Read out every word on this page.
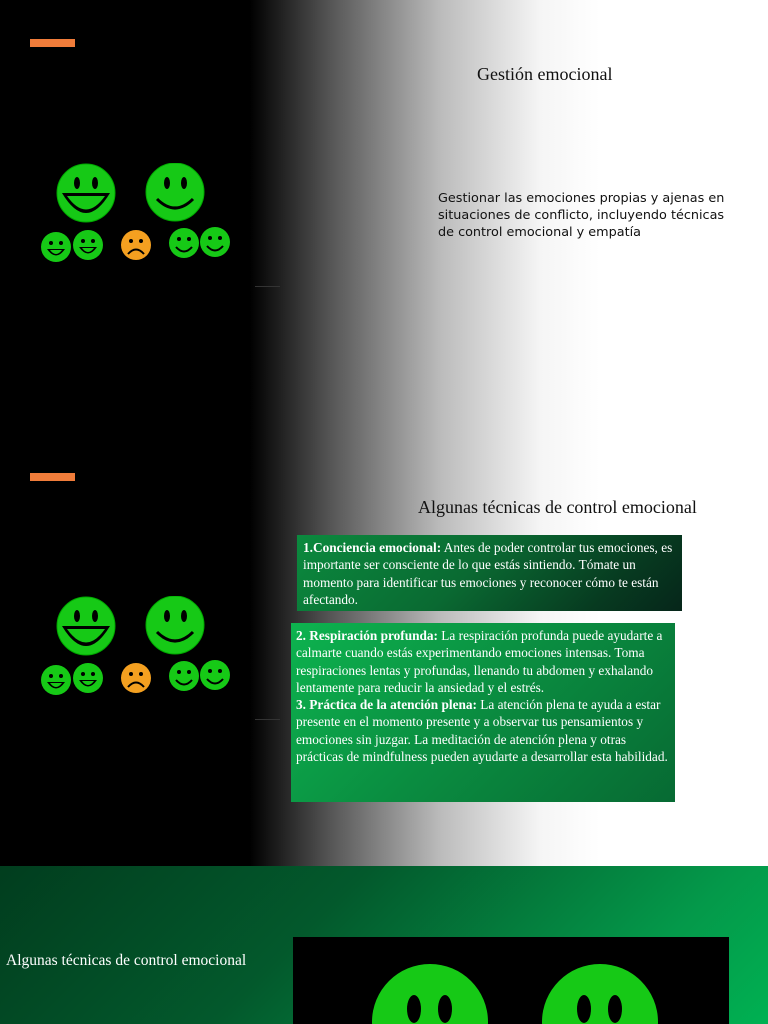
Gestión emocional
Gestionar las emociones propias y ajenas en situaciones de conflicto, incluyendo técnicas de control emocional y empatía
Algunas técnicas de control emocional
1.Conciencia emocional: Antes de poder controlar tus emociones, es importante ser consciente de lo que estás sintiendo. Tómate un momento para identificar tus emociones y reconocer cómo te están afectando.

2. Respiración profunda: La respiración profunda puede ayudarte a calmarte cuando estás experimentando emociones intensas. Toma respiraciones lentas y profundas, llenando tu abdomen y exhalando lentamente para reducir la ansiedad y el estrés.

3. Práctica de la atención plena: La atención plena te ayuda a estar presente en el momento presente y a observar tus pensamientos y emociones sin juzgar. La meditación de atención plena y otras prácticas de mindfulness pueden ayudarte a desarrollar esta habilidad.

Algunas técnicas de control emocional
